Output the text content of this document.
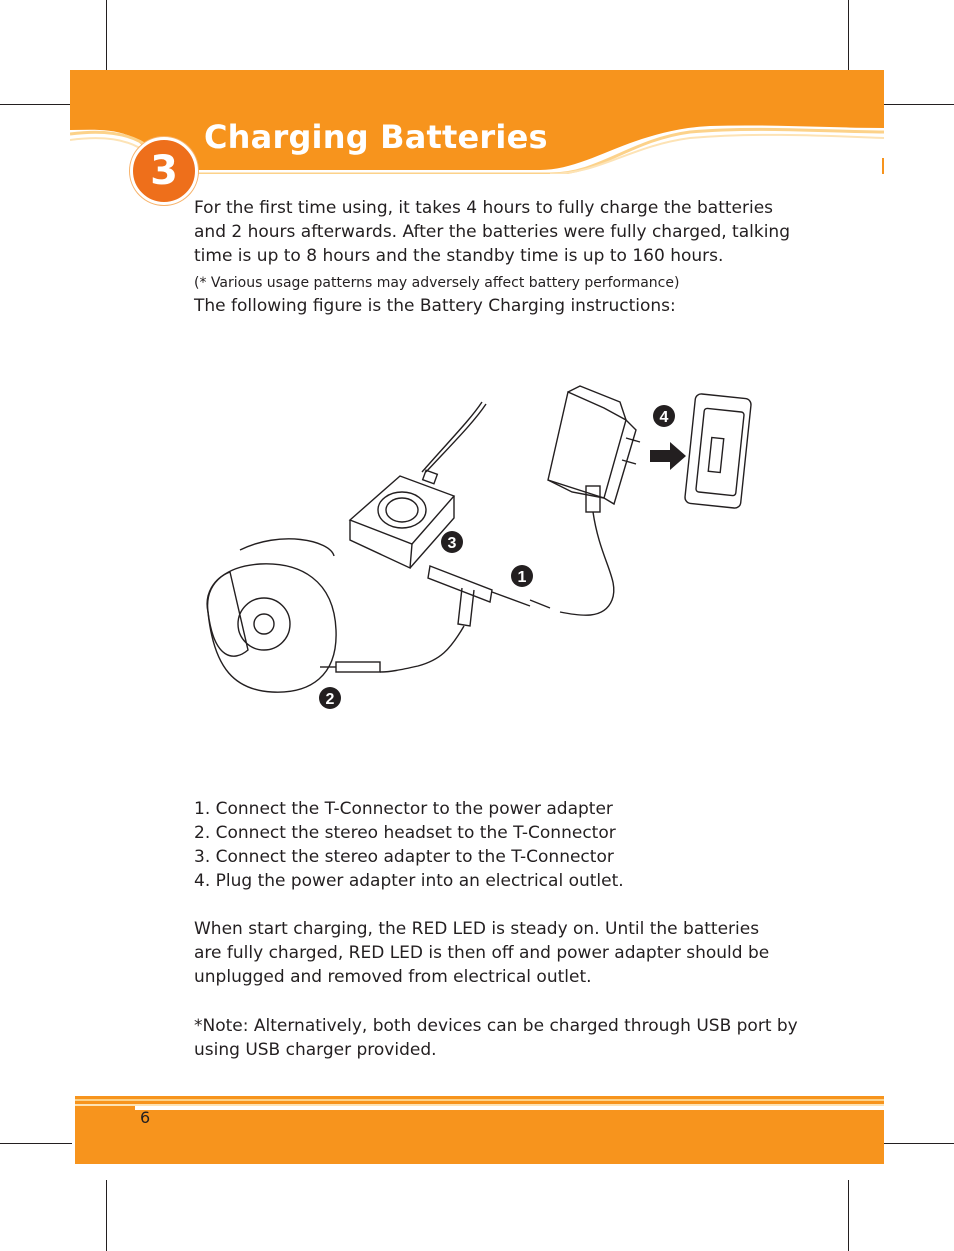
3
Charging Batteries

For the first time using, it takes 4 hours to fully charge the batteries

and 2 hours afterwards. After the batteries were fully charged, talking

time is up to 8 hours and the standby time is up to 160 hours.

(* Various usage patterns may adversely affect battery performance)

The following figure is the Battery Charging instructions:

1
2
3
4
1. Connect the T-Connector to the power adapter
2. Connect the stereo headset to the T-Connector
3. Connect the stereo adapter to the T-Connector
4. Plug the power adapter into an electrical outlet.

When start charging, the RED LED is steady on. Until the batteries

are fully charged, RED LED is then off and power adapter should be

unplugged and removed from electrical outlet.

*Note: Alternatively, both devices can be charged through USB port by

using USB charger provided.

6
